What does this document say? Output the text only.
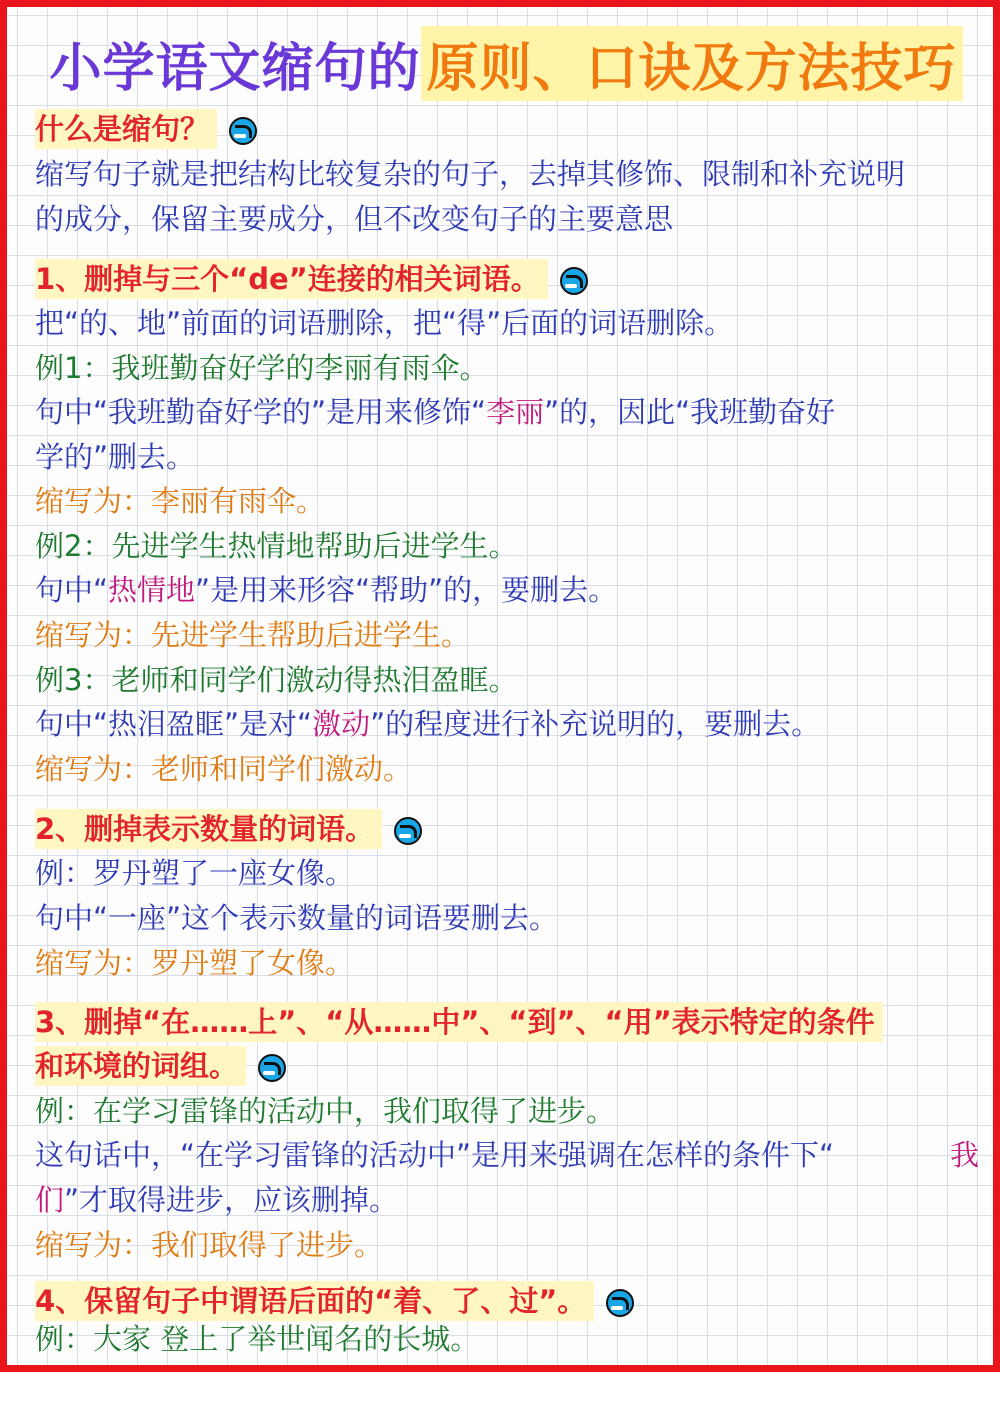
小学语文缩句的 原则、口诀及方法技巧
什么是缩句？
缩写句子就是把结构比较复杂的句子，去掉其修饰、限制和补充说明
的成分，保留主要成分，但不改变句子的主要意思
1、删掉与三个“de”连接的相关词语。
把“的、地”前面的词语删除，把“得”后面的词语删除。
例1：我班勤奋好学的李丽有雨伞。
句中“我班勤奋好学的”是用来修饰“李丽”的，因此“我班勤奋好
学的”删去。
缩写为：李丽有雨伞。
例2：先进学生热情地帮助后进学生。
句中“热情地”是用来形容“帮助”的，要删去。
缩写为：先进学生帮助后进学生。
例3：老师和同学们激动得热泪盈眶。
句中“热泪盈眶”是对“激动”的程度进行补充说明的，要删去。
缩写为：老师和同学们激动。
2、删掉表示数量的词语。
例：罗丹塑了一座女像。
句中“一座”这个表示数量的词语要删去。
缩写为：罗丹塑了女像。
3、删掉“在……上”、“从……中”、“到”、“用”表示特定的条件
和环境的词组。
例：在学习雷锋的活动中，我们取得了进步。
这句话中，“在学习雷锋的活动中”是用来强调在怎样的条件下“	我
们”才取得进步，应该删掉。
缩写为：我们取得了进步。
4、保留句子中谓语后面的“着、了、过”。
例：大家 登上了举世闻名的长城。
